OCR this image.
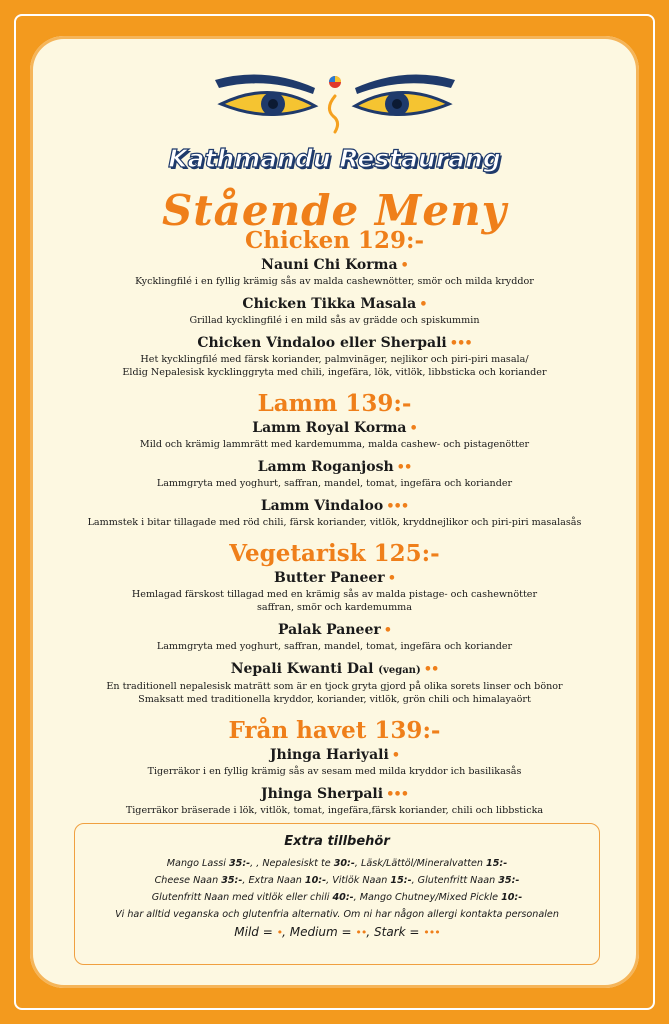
Kathmandu Restaurang
Stående Meny

Chicken 129:-

Nauni Chi Korma •

Kycklingfilé i en fyllig krämig sås av malda cashewnötter, smör och milda kryddor

Chicken Tikka Masala •

Grillad kycklingfilé i en mild sås av grädde och spiskummin

Chicken Vindaloo eller Sherpali •••

Het kycklingfilé med färsk koriander, palmvinäger, nejlikor och piri-piri masala/

Eldig Nepalesisk kycklinggryta med chili, ingefära, lök, vitlök, libbsticka och koriander

Lamm 139:-

Lamm Royal Korma •

Mild och krämig lammrätt med kardemumma, malda cashew- och pistagenötter

Lamm Roganjosh ••

Lammgryta med yoghurt, saffran, mandel, tomat, ingefära och koriander

Lamm Vindaloo •••

Lammstek i bitar tillagade med röd chili, färsk koriander, vitlök, kryddnejlikor och piri-piri masalasås

Vegetarisk 125:-

Butter Paneer •

Hemlagad färskost tillagad med en krämig sås av malda pistage- och cashewnötter

saffran, smör och kardemumma

Palak Paneer •

Lammgryta med yoghurt, saffran, mandel, tomat, ingefära och koriander

Nepali Kwanti Dal (vegan) ••

En traditionell nepalesisk maträtt som är en tjock gryta gjord på olika sorets linser och bönor

Smaksatt med traditionella kryddor, koriander, vitlök, grön chili och himalayaört

Från havet 139:-

Jhinga Hariyali •

Tigerräkor i en fyllig krämig sås av sesam med milda kryddor ich basilikasås

Jhinga Sherpali •••

Tigerräkor bräserade i lök, vitlök, tomat, ingefära,färsk koriander, chili och libbsticka

Extra tillbehör

Mango Lassi 35:-, , Nepalesiskt te 30:-, Läsk/Lättöl/Mineralvatten 15:-

Cheese Naan 35:-, Extra Naan 10:-, Vitlök Naan 15:-, Glutenfritt Naan 35:-

Glutenfritt Naan med vitlök eller chili 40:-, Mango Chutney/Mixed Pickle 10:-

Vi har alltid veganska och glutenfria alternativ. Om ni har någon allergi kontakta personalen

Mild = •, Medium = ••, Stark = •••
